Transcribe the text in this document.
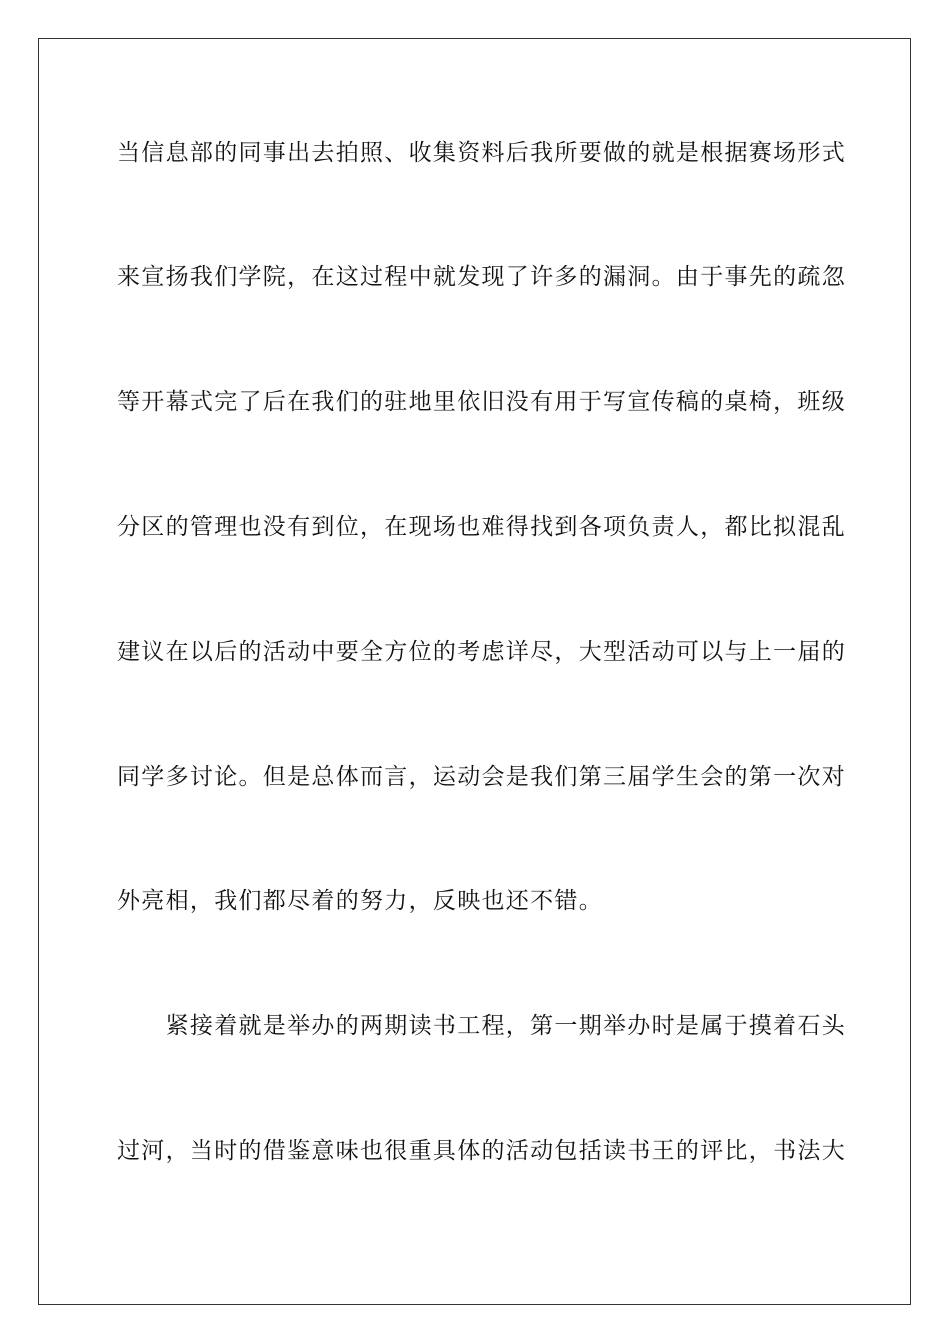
当信息部的同事出去拍照、收集资料后我所要做的就是根据赛场形式
来宣扬我们学院，在这过程中就发现了许多的漏洞。由于事先的疏忽
等开幕式完了后在我们的驻地里依旧没有用于写宣传稿的桌椅，班级
分区的管理也没有到位，在现场也难得找到各项负责人，都比拟混乱
建议在以后的活动中要全方位的考虑详尽，大型活动可以与上一届的
同学多讨论。但是总体而言，运动会是我们第三届学生会的第一次对
外亮相，我们都尽着的努力，反映也还不错。
　　紧接着就是举办的两期读书工程，第一期举办时是属于摸着石头
过河，当时的借鉴意味也很重具体的活动包括读书王的评比，书法大
